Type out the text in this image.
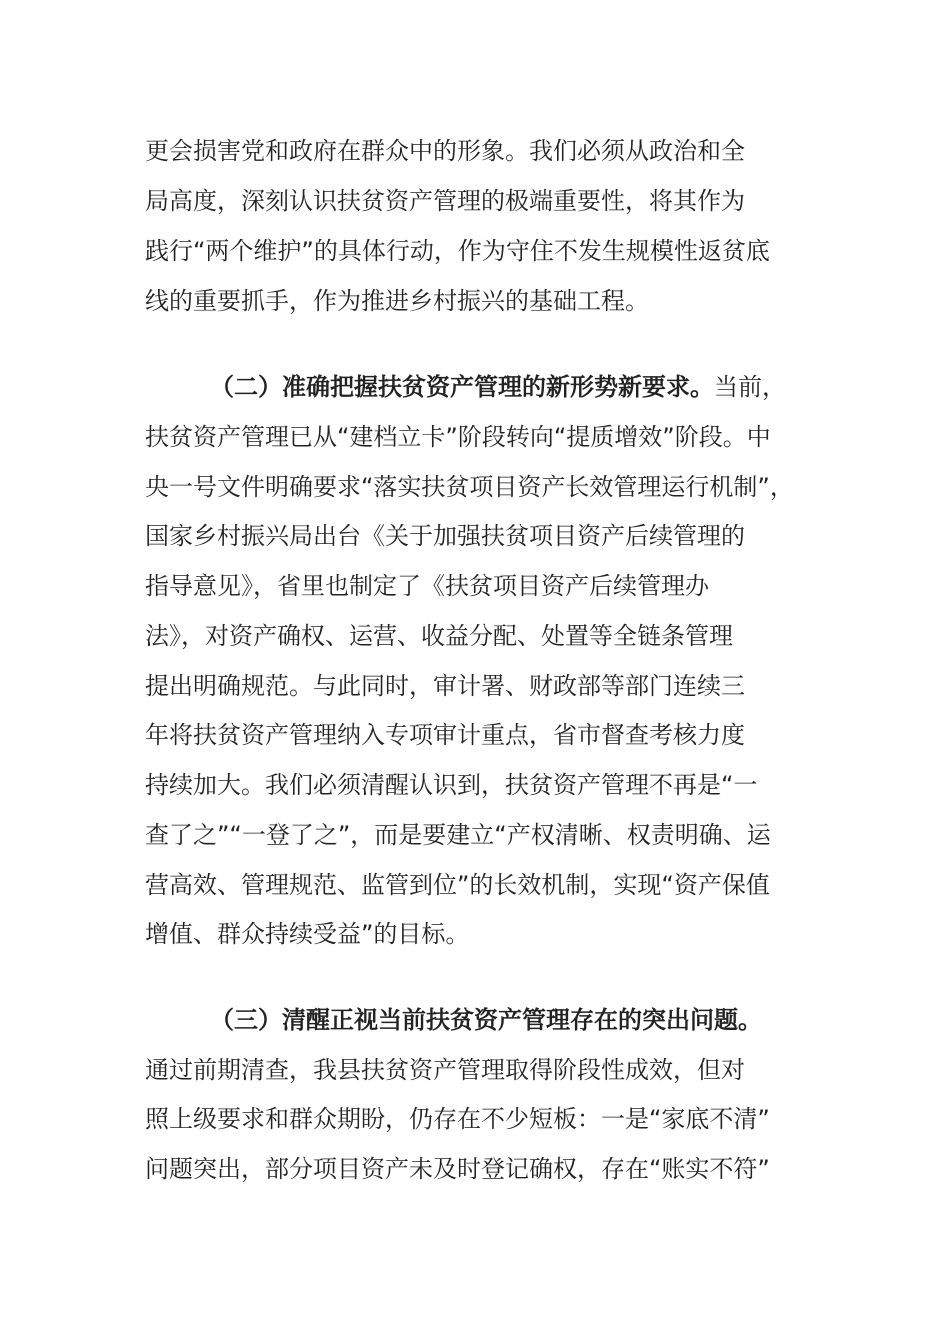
更会损害党和政府在群众中的形象。我们必须从政治和全
局高度，深刻认识扶贫资产管理的极端重要性，将其作为
践行“两个维护”的具体行动，作为守住不发生规模性返贫底
线的重要抓手，作为推进乡村振兴的基础工程。
（二）准确把握扶贫资产管理的新形势新要求。当前，
扶贫资产管理已从“建档立卡”阶段转向“提质增效”阶段。中
央一号文件明确要求“落实扶贫项目资产长效管理运行机制”，
国家乡村振兴局出台《关于加强扶贫项目资产后续管理的
指导意见》，省里也制定了《扶贫项目资产后续管理办
法》，对资产确权、运营、收益分配、处置等全链条管理
提出明确规范。与此同时，审计署、财政部等部门连续三
年将扶贫资产管理纳入专项审计重点，省市督查考核力度
持续加大。我们必须清醒认识到，扶贫资产管理不再是“一
查了之”“一登了之”，而是要建立“产权清晰、权责明确、运
营高效、管理规范、监管到位”的长效机制，实现“资产保值
增值、群众持续受益”的目标。
（三）清醒正视当前扶贫资产管理存在的突出问题。
通过前期清查，我县扶贫资产管理取得阶段性成效，但对
照上级要求和群众期盼，仍存在不少短板：一是“家底不清”
问题突出，部分项目资产未及时登记确权，存在“账实不符”
